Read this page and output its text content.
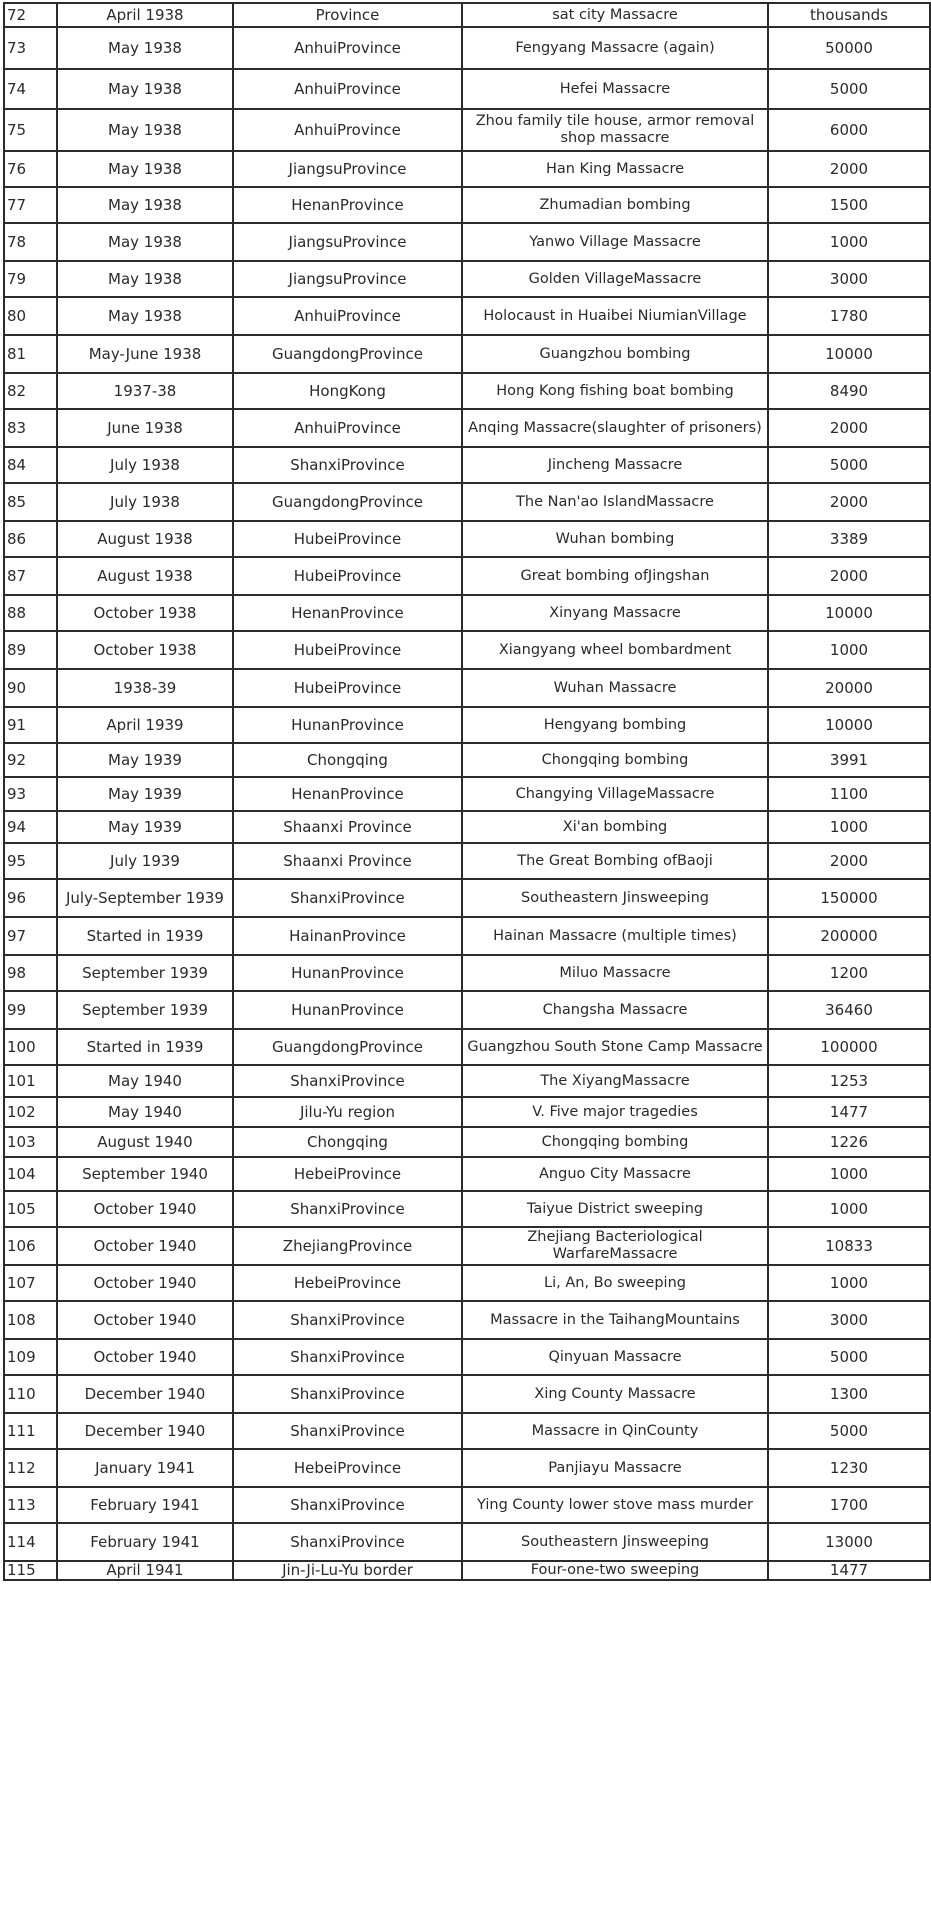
72	April 1938	Province	sat city Massacre	thousands
73	May 1938	AnhuiProvince	Fengyang Massacre (again)	50000
74	May 1938	AnhuiProvince	Hefei Massacre	5000
75	May 1938	AnhuiProvince	Zhou family tile house, armor removal shop massacre	6000
76	May 1938	JiangsuProvince	Han King Massacre	2000
77	May 1938	HenanProvince	Zhumadian bombing	1500
78	May 1938	JiangsuProvince	Yanwo Village Massacre	1000
79	May 1938	JiangsuProvince	Golden VillageMassacre	3000
80	May 1938	AnhuiProvince	Holocaust in Huaibei NiumianVillage	1780
81	May-June 1938	GuangdongProvince	Guangzhou bombing	10000
82	1937-38	HongKong	Hong Kong fishing boat bombing	8490
83	June 1938	AnhuiProvince	Anqing Massacre(slaughter of prisoners)	2000
84	July 1938	ShanxiProvince	Jincheng Massacre	5000
85	July 1938	GuangdongProvince	The Nan'ao IslandMassacre	2000
86	August 1938	HubeiProvince	Wuhan bombing	3389
87	August 1938	HubeiProvince	Great bombing ofJingshan	2000
88	October 1938	HenanProvince	Xinyang Massacre	10000
89	October 1938	HubeiProvince	Xiangyang wheel bombardment	1000
90	1938-39	HubeiProvince	Wuhan Massacre	20000
91	April 1939	HunanProvince	Hengyang bombing	10000
92	May 1939	Chongqing	Chongqing bombing	3991
93	May 1939	HenanProvince	Changying VillageMassacre	1100
94	May 1939	Shaanxi Province	Xi'an bombing	1000
95	July 1939	Shaanxi Province	The Great Bombing ofBaoji	2000
96	July-September 1939	ShanxiProvince	Southeastern Jinsweeping	150000
97	Started in 1939	HainanProvince	Hainan Massacre (multiple times)	200000
98	September 1939	HunanProvince	Miluo Massacre	1200
99	September 1939	HunanProvince	Changsha Massacre	36460
100	Started in 1939	GuangdongProvince	Guangzhou South Stone Camp Massacre	100000
101	May 1940	ShanxiProvince	The XiyangMassacre	1253
102	May 1940	Jilu-Yu region	V. Five major tragedies	1477
103	August 1940	Chongqing	Chongqing bombing	1226
104	September 1940	HebeiProvince	Anguo City Massacre	1000
105	October 1940	ShanxiProvince	Taiyue District sweeping	1000
106	October 1940	ZhejiangProvince	Zhejiang Bacteriological WarfareMassacre	10833
107	October 1940	HebeiProvince	Li, An, Bo sweeping	1000
108	October 1940	ShanxiProvince	Massacre in the TaihangMountains	3000
109	October 1940	ShanxiProvince	Qinyuan Massacre	5000
110	December 1940	ShanxiProvince	Xing County Massacre	1300
111	December 1940	ShanxiProvince	Massacre in QinCounty	5000
112	January 1941	HebeiProvince	Panjiayu Massacre	1230
113	February 1941	ShanxiProvince	Ying County lower stove mass murder	1700
114	February 1941	ShanxiProvince	Southeastern Jinsweeping	13000
115	April 1941	Jin-Ji-Lu-Yu border	Four-one-two sweeping	1477
